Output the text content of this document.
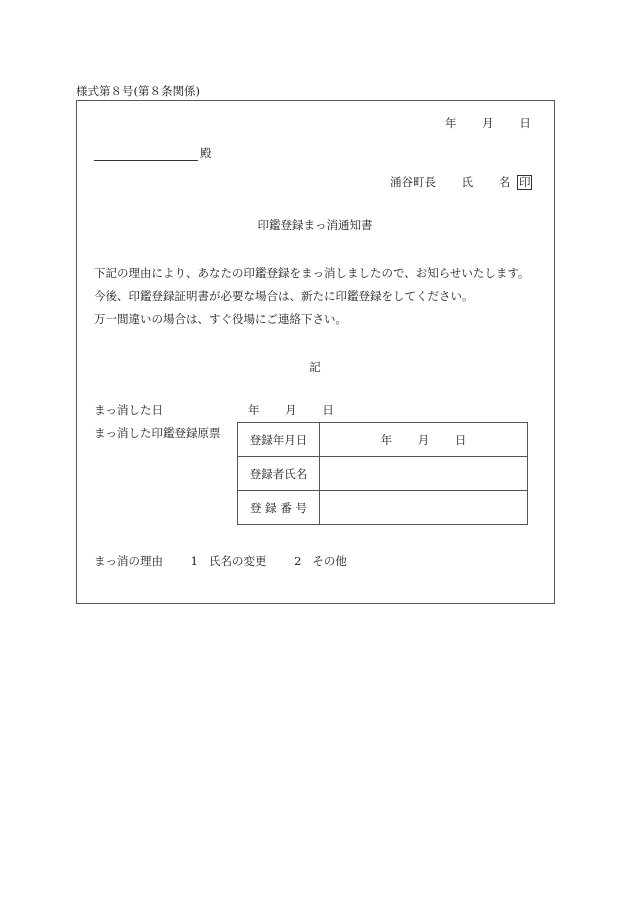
様式第８号(第８条関係)
年 月 日
殿
涌谷町長 氏 名 印
印鑑登録まっ消通知書
下記の理由により、あなたの印鑑登録をまっ消しましたので、お知らせいたします。
今後、印鑑登録証明書が必要な場合は、新たに印鑑登録をしてください。
万一間違いの場合は、すぐ役場にご連絡下さい。
記
まっ消した日	年 月 日
まっ消した印鑑登録原票	登録年月日	年 月 日
登録者氏名	
登 録 番 号	
まっ消の理由 1 氏名の変更 2 その他
